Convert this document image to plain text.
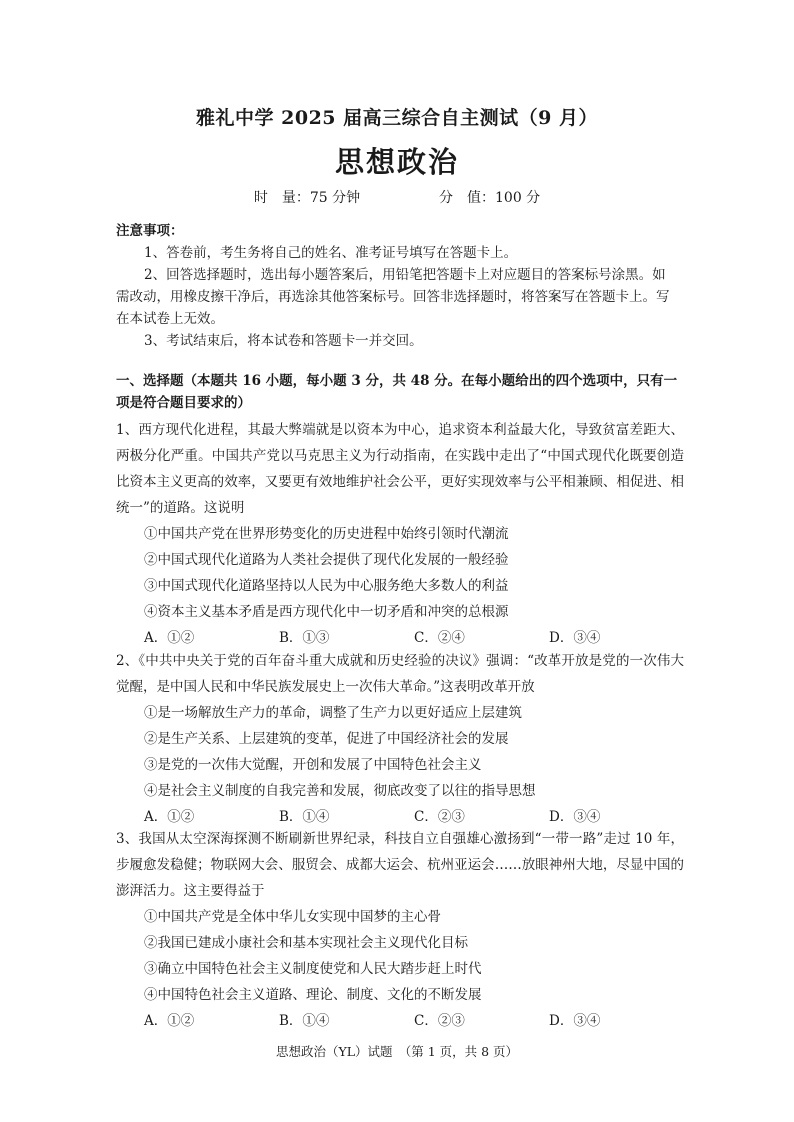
雅礼中学 2025 届高三综合自主测试（9 月）
思想政治
时　量：75 分钟	分　值：100 分
注意事项：

1、答卷前，考生务将自己的姓名、准考证号填写在答题卡上。

2、回答选择题时，选出每小题答案后，用铅笔把答题卡上对应题目的答案标号涂黑。如需改动，用橡皮擦干净后，再选涂其他答案标号。回答非选择题时，将答案写在答题卡上。写在本试卷上无效。

3、考试结束后，将本试卷和答题卡一并交回。

一、选择题（本题共 16 小题，每小题 3 分，共 48 分。在每小题给出的四个选项中，只有一项是符合题目要求的）

1、西方现代化进程，其最大弊端就是以资本为中心，追求资本利益最大化，导致贫富差距大、两极分化严重。中国共产党以马克思主义为行动指南，在实践中走出了“中国式现代化既要创造比资本主义更高的效率，又要更有效地维护社会公平，更好实现效率与公平相兼顾、相促进、相统一”的道路。这说明

①中国共产党在世界形势变化的历史进程中始终引领时代潮流
②中国式现代化道路为人类社会提供了现代化发展的一般经验
③中国式现代化道路坚持以人民为中心服务绝大多数人的利益
④资本主义基本矛盾是西方现代化中一切矛盾和冲突的总根源
A．①②	B．①③	C．②④	D．③④

2、《中共中央关于党的百年奋斗重大成就和历史经验的决议》强调：“改革开放是党的一次伟大觉醒，是中国人民和中华民族发展史上一次伟大革命。”这表明改革开放

①是一场解放生产力的革命，调整了生产力以更好适应上层建筑
②是生产关系、上层建筑的变革，促进了中国经济社会的发展
③是党的一次伟大觉醒，开创和发展了中国特色社会主义
④是社会主义制度的自我完善和发展，彻底改变了以往的指导思想
A．①②	B．①④	C．②③	D．③④

3、我国从太空深海探测不断刷新世界纪录，科技自立自强雄心激扬到“一带一路”走过 10 年，步履愈发稳健；物联网大会、服贸会、成都大运会、杭州亚运会……放眼神州大地，尽显中国的澎湃活力。这主要得益于

①中国共产党是全体中华儿女实现中国梦的主心骨
②我国已建成小康社会和基本实现社会主义现代化目标
③确立中国特色社会主义制度使党和人民大踏步赶上时代
④中国特色社会主义道路、理论、制度、文化的不断发展
A．①②	B．①④	C．②③	D．③④
思想政治（YL）试题　（第 1 页，共 8 页）
